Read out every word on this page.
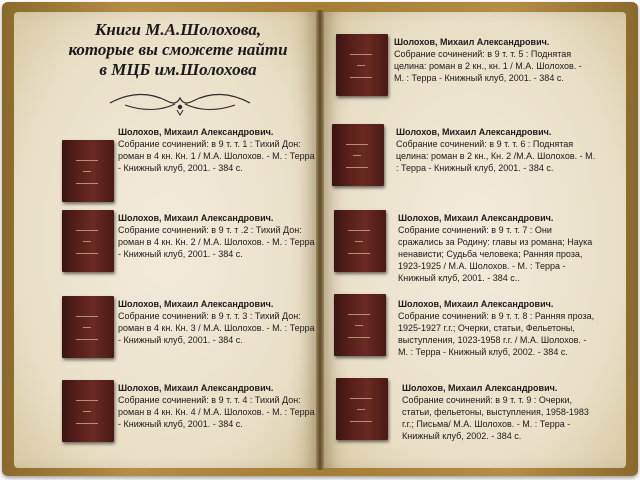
Книги М.А.Шолохова,
которые вы сможете найти
в МЦБ им.Шолохова
Шолохов, Михаил Александрович.
Собрание сочинений: в 9 т. т. 1 : Тихий Дон: роман в 4 кн. Кн. 1 / М.А. Шолохов. - М. : Терра - Книжный клуб, 2001. - 384 с.
Шолохов, Михаил Александрович.
Собрание сочинений: в 9 т. т .2 : Тихий Дон: роман в 4 кн. Кн. 2 / М.А. Шолохов. - М. : Терра - Книжный клуб, 2001. - 384 с.
Шолохов, Михаил Александрович.
Собрание сочинений: в 9 т. т. 3 : Тихий Дон: роман в 4 кн. Кн. 3 / М.А. Шолохов. - М. : Терра - Книжный клуб, 2001. - 384 с.
Шолохов, Михаил Александрович.
Собрание сочинений: в 9 т. т. 4 : Тихий Дон: роман в 4 кн. Кн. 4 / М.А. Шолохов. - М. : Терра - Книжный клуб, 2001. - 384 с.
Шолохов, Михаил Александрович.
Собрание сочинений: в 9 т. т. 5 : Поднятая целина: роман в 2 кн., кн. 1 / М.А. Шолохов. - М. : Терра - Книжный клуб, 2001. - 384 с.
Шолохов, Михаил Александрович.
Собрание сочинений: в 9 т. т. 6 : Поднятая целина: роман в 2 кн., Кн. 2 /М.А. Шолохов. - М. : Терра - Книжный клуб, 2001. - 384 с.
Шолохов, Михаил Александрович.
Собрание сочинений: в 9 т. т. 7 : Они сражались за Родину: главы из романа; Наука ненависти; Судьба человека; Ранняя проза, 1923-1925 / М.А. Шолохов. - М. : Терра - Книжный клуб, 2001. - 384 с..
Шолохов, Михаил Александрович.
Собрание сочинений: в 9 т. т. 8 : Ранняя проза, 1925-1927 г.г.; Очерки, статьи, Фельетоны, выступления, 1023-1958 г.г. / М.А. Шолохов. - М. : Терра - Книжный клуб, 2002. - 384 с.
Шолохов, Михаил Александрович.
Собрание сочинений: в 9 т. т. 9 : Очерки, статьи, фельетоны, выступления, 1958-1983 г.г.; Письма/ М.А. Шолохов. - М. : Терра - Книжный клуб, 2002. - 384 с.
